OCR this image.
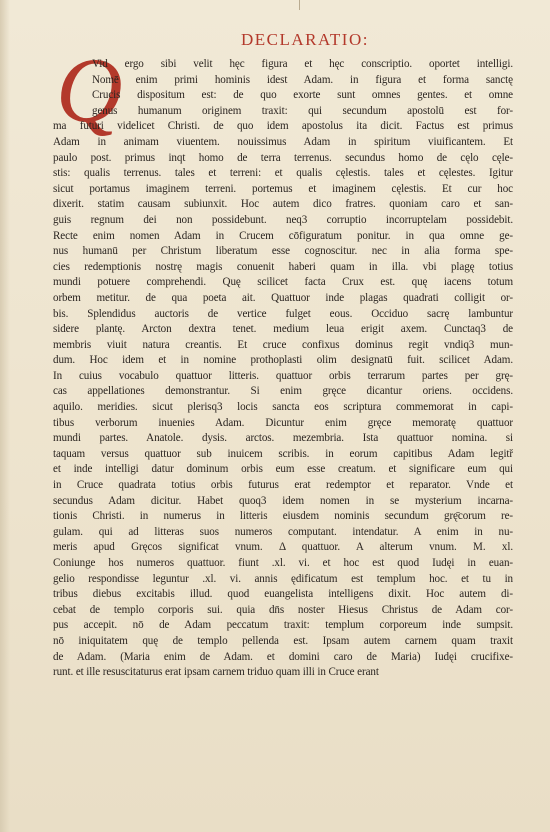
DECLARATIO:
Q
Vid ergo sibi velit hęc figura et hęc conscriptio. oportet intelligi.
Nomē enim primi hominis idest Adam. in figura et forma sanctę
Crucis dispositum est: de quo exorte sunt omnes gentes. et omne
genus humanum originem traxit: qui secundum apostolū est for-
ma futuri videlicet Christi. de quo idem apostolus ita dicit. Factus est primus
Adam in animam viuentem. nouissimus Adam in spiritum viuificantem. Et
paulo post. primus inqt homo de terra terrenus. secundus homo de cęlo cęle-
stis: qualis terrenus. tales et terreni: et qualis cęlestis. tales et cęlestes. Igitur
sicut portamus imaginem terreni. portemus et imaginem cęlestis. Et cur hoc
dixerit. statim causam subiunxit. Hoc autem dico fratres. quoniam caro et san-
guis regnum dei non possidebunt. neq3 corruptio incorruptelam possidebit.
Recte enim nomen Adam in Crucem cōfiguratum ponitur. in qua omne ge-
nus humanū per Christum liberatum esse cognoscitur. nec in alia forma spe-
cies redemptionis nostrę magis conuenit haberi quam in illa. vbi plagę totius
mundi potuere comprehendi. Quę scilicet facta Crux est. quę iacens totum
orbem metitur. de qua poeta ait. Quattuor inde plagas quadrati colligit or-
bis. Splendidus auctoris de vertice fulget eous. Occiduo sacrę lambuntur
sidere plantę. Arcton dextra tenet. medium leua erigit axem. Cunctaq3 de
membris viuit natura creantis. Et cruce confixus dominus regit vndiq3 mun-
dum. Hoc idem et in nomine prothoplasti olim designatū fuit. scilicet Adam.
In cuius vocabulo quattuor litteris. quattuor orbis terrarum partes per grę-
cas appellationes demonstrantur. Si enim gręce dicantur oriens. occidens.
aquilo. meridies. sicut plerisq3 locis sancta eos scriptura commemorat in capi-
tibus verborum inuenies Adam. Dicuntur enim gręce memoratę quattuor
mundi partes. Anatole. dysis. arctos. mezembria. Ista quattuor nomina. si
taquam versus quattuor sub inuicem scribis. in eorum capitibus Adam legitř
et inde intelligi datur dominum orbis eum esse creatum. et significare eum qui
in Cruce quadrata totius orbis futurus erat redemptor et reparator. Vnde et
secundus Adam dicitur. Habet quoq3 idem nomen in se mysterium incarna-
tionis Christi. in numerus in litteris eiusdem nominis secundum grę̄corum re-
gulam. qui ad litteras suos numeros computant. intendatur. A enim in nu-
meris apud Gręcos significat vnum. Δ quattuor. A alterum vnum. M. xl.
Coniunge hos numeros quattuor. fiunt .xl. vi. et hoc est quod Iudęi in euan-
gelio respondisse leguntur .xl. vi. annis ędificatum est templum hoc. et tu in
tribus diebus excitabis illud. quod euangelista intelligens dixit. Hoc autem di-
cebat de templo corporis sui. quia dn̄s noster Hiesus Christus de Adam cor-
pus accepit. nō de Adam peccatum traxit: templum corporeum inde sumpsit.
nō iniquitatem quę de templo pellenda est. Ipsam autem carnem quam traxit
de Adam. (Maria enim de Adam. et domini caro de Maria) Iudęi crucifixe-
runt. et ille resuscitaturus erat ipsam carnem triduo quam illi in Cruce erant
